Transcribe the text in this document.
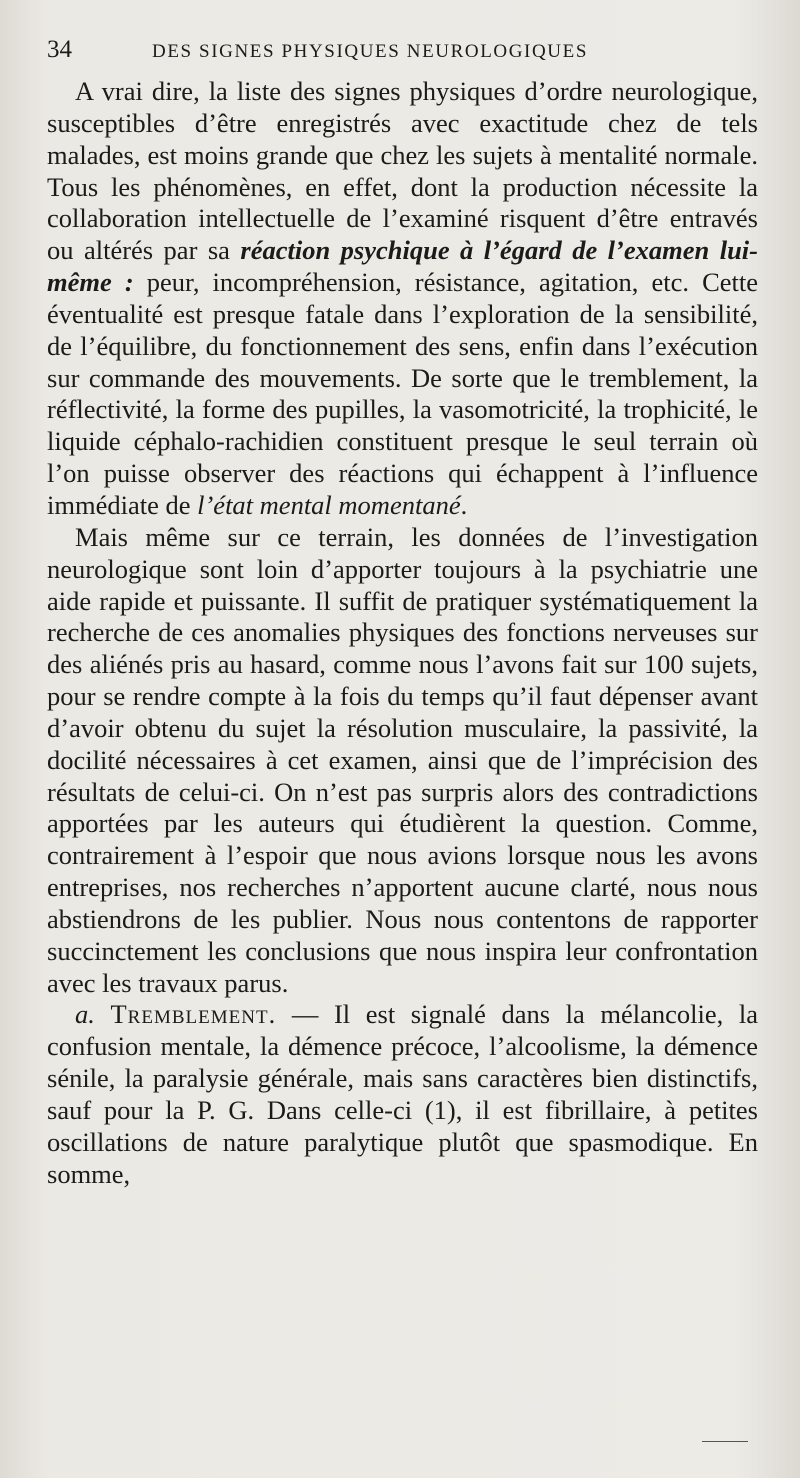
34	DES SIGNES PHYSIQUES NEUROLOGIQUES

A vrai dire, la liste des signes physiques d’ordre neurologique, susceptibles d’être enregistrés avec exactitude chez de tels malades, est moins grande que chez les sujets à mentalité normale. Tous les phénomènes, en effet, dont la production nécessite la collaboration intellectuelle de l’examiné risquent d’être entravés ou altérés par sa réaction psychique à l’égard de l’examen lui-même : peur, incompréhension, résistance, agitation, etc. Cette éventualité est presque fatale dans l’exploration de la sensibilité, de l’équilibre, du fonctionnement des sens, enfin dans l’exécution sur commande des mouvements. De sorte que le tremblement, la réflectivité, la forme des pupilles, la vasomotricité, la trophicité, le liquide céphalo-rachidien constituent presque le seul terrain où l’on puisse observer des réactions qui échappent à l’influence immédiate de l’état mental momentané.

Mais même sur ce terrain, les données de l’investigation neurologique sont loin d’apporter toujours à la psychiatrie une aide rapide et puissante. Il suffit de pratiquer systématiquement la recherche de ces anomalies physiques des fonctions nerveuses sur des aliénés pris au hasard, comme nous l’avons fait sur 100 sujets, pour se rendre compte à la fois du temps qu’il faut dépenser avant d’avoir obtenu du sujet la résolution musculaire, la passivité, la docilité nécessaires à cet examen, ainsi que de l’imprécision des résultats de celui-ci. On n’est pas surpris alors des contradictions apportées par les auteurs qui étudièrent la question. Comme, contrairement à l’espoir que nous avions lorsque nous les avons entreprises, nos recherches n’apportent aucune clarté, nous nous abstiendrons de les publier. Nous nous contentons de rapporter succinctement les conclusions que nous inspira leur confrontation avec les travaux parus.

a. Tremblement. — Il est signalé dans la mélancolie, la confusion mentale, la démence précoce, l’alcoolisme, la démence sénile, la paralysie générale, mais sans caractères bien distinctifs, sauf pour la P. G. Dans celle-ci (1), il est fibrillaire, à petites oscillations de nature paralytique plutôt que spasmodique. En somme,
